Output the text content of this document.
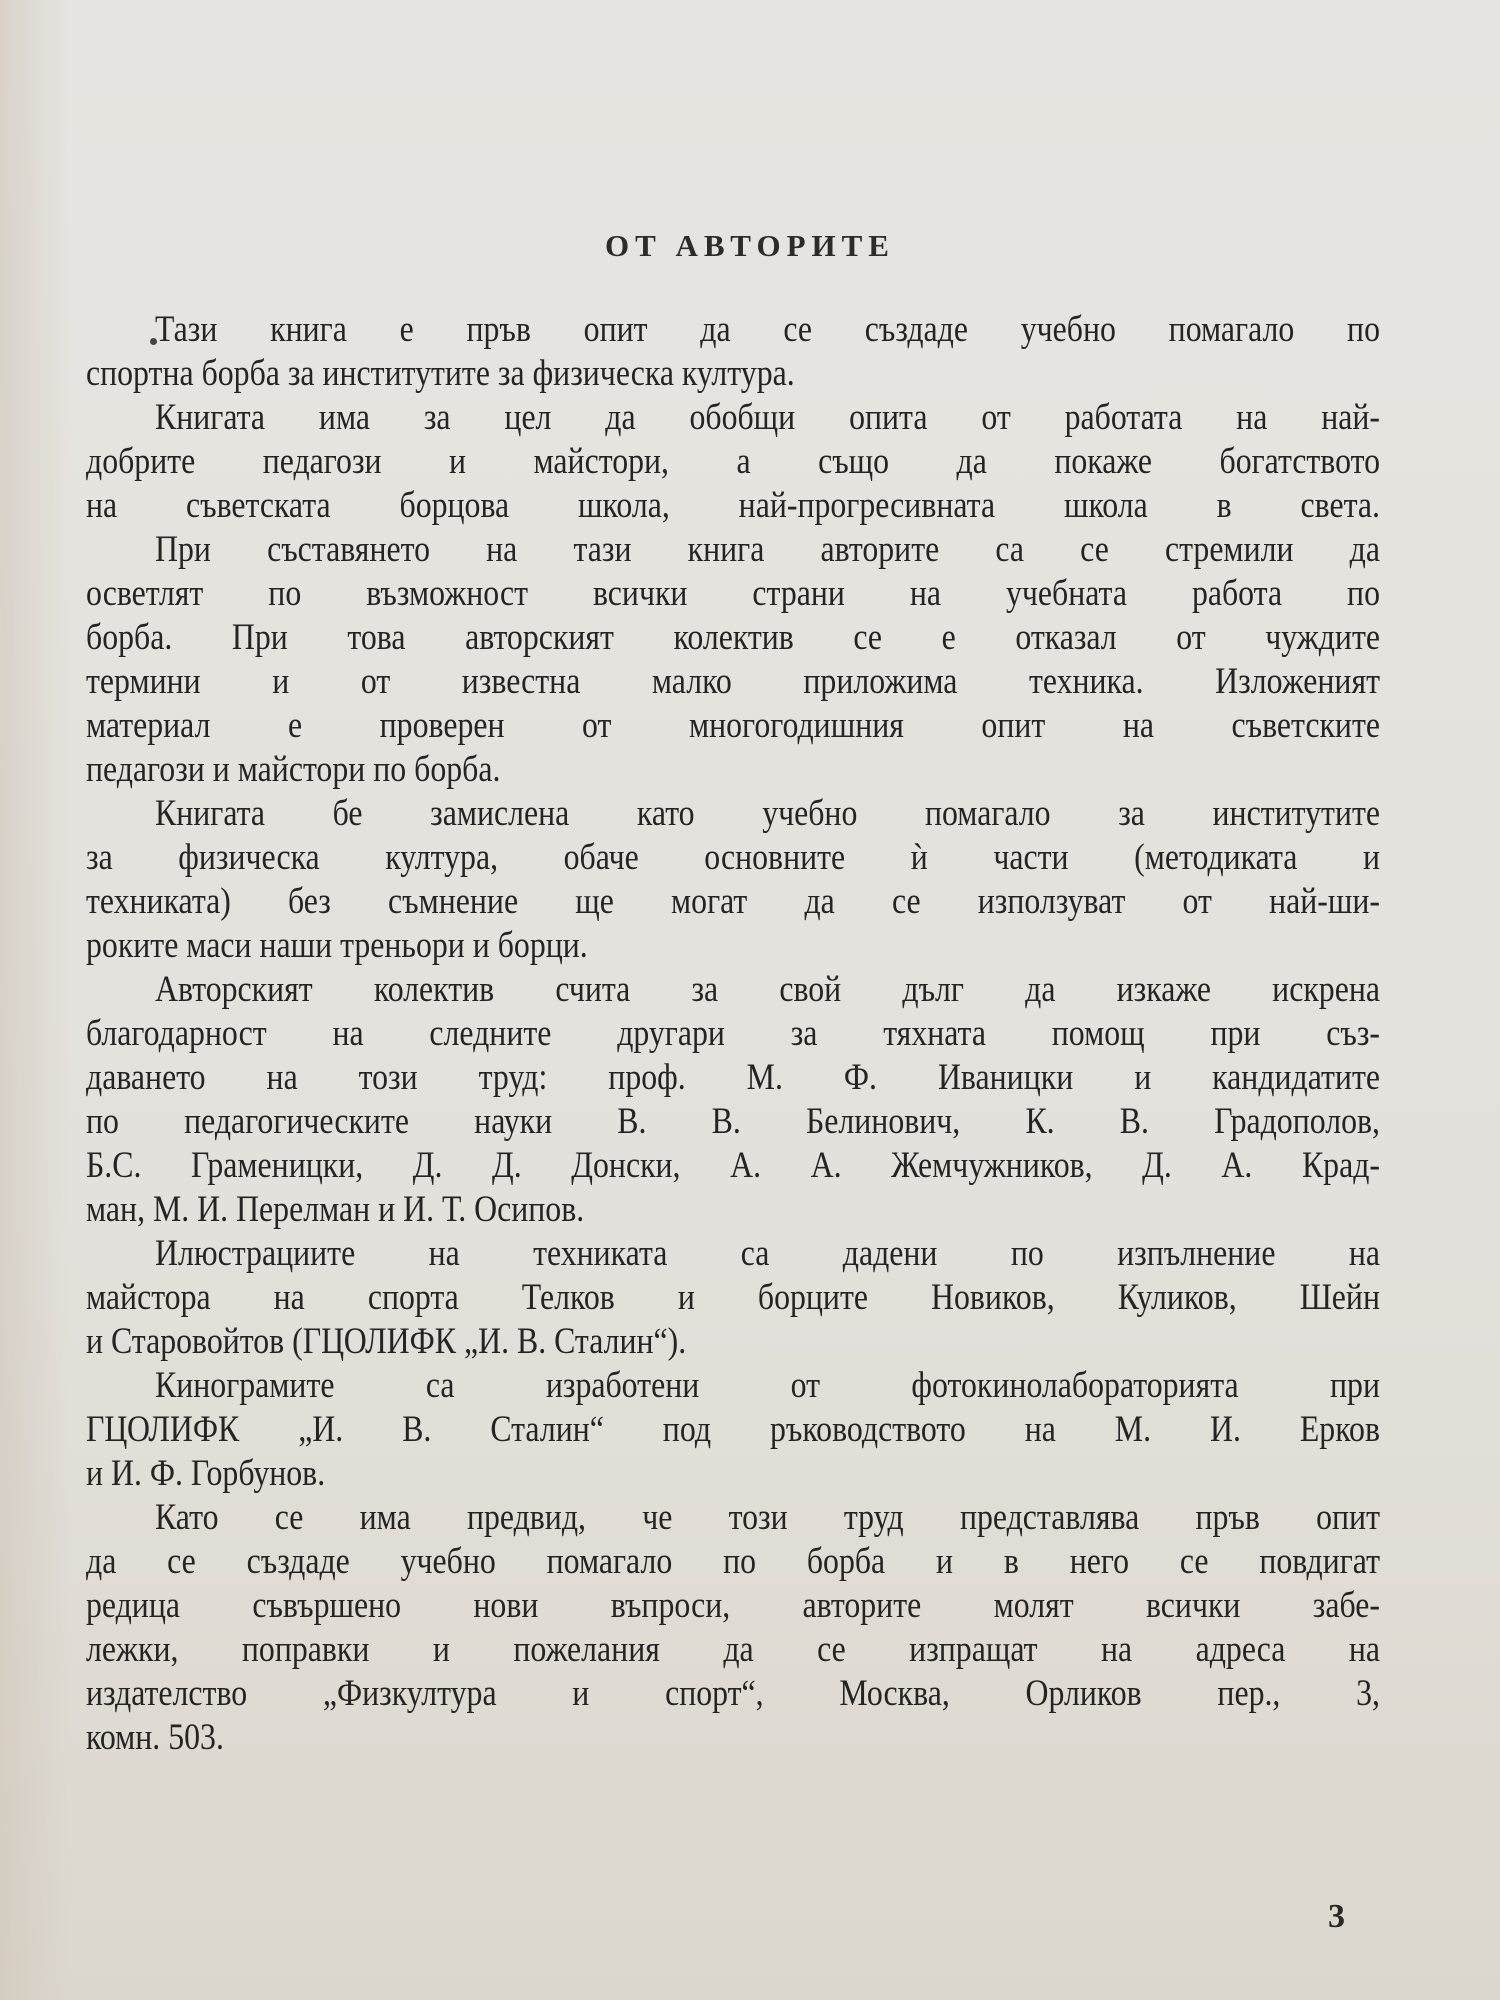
ОТ АВТОРИТЕ
Тази книга е пръв опит да се създаде учебно помагало по
спортна борба за институтите за физическа култура.
Книгата има за цел да обобщи опита от работата на най-
добрите педагози и майстори, а също да покаже богатството
на съветската борцова школа, най-прогресивната школа в света.
При съставянето на тази книга авторите са се стремили да
осветлят по възможност всички страни на учебната работа по
борба. При това авторският колектив се е отказал от чуждите
термини и от известна малко приложима техника. Изложеният
материал е проверен от многогодишния опит на съветските
педагози и майстори по борба.
Книгата бе замислена като учебно помагало за институтите
за физическа култура, обаче основните ѝ части (методиката и
техниката) без съмнение ще могат да се използуват от най-ши-
роките маси наши треньори и борци.
Авторският колектив счита за свой дълг да изкаже искрена
благодарност на следните другари за тяхната помощ при съз-
даването на този труд: проф. М. Ф. Иваницки и кандидатите
по педагогическите науки В. В. Белинович, К. В. Градополов,
Б.С. Граменицки, Д. Д. Донски, А. А. Жемчужников, Д. А. Крад-
ман, М. И. Перелман и И. Т. Осипов.
Илюстрациите на техниката са дадени по изпълнение на
майстора на спорта Телков и борците Новиков, Куликов, Шейн
и Старовойтов (ГЦОЛИФК „И. В. Сталин“).
Кинограмите са изработени от фотокинолабораторията при
ГЦОЛИФК „И. В. Сталин“ под ръководството на М. И. Ерков
и И. Ф. Горбунов.
Като се има предвид, че този труд представлява пръв опит
да се създаде учебно помагало по борба и в него се повдигат
редица съвършено нови въпроси, авторите молят всички забе-
лежки, поправки и пожелания да се изпращат на адреса на
издателство „Физкултура и спорт“, Москва, Орликов пер., 3,
комн. 503.
3
